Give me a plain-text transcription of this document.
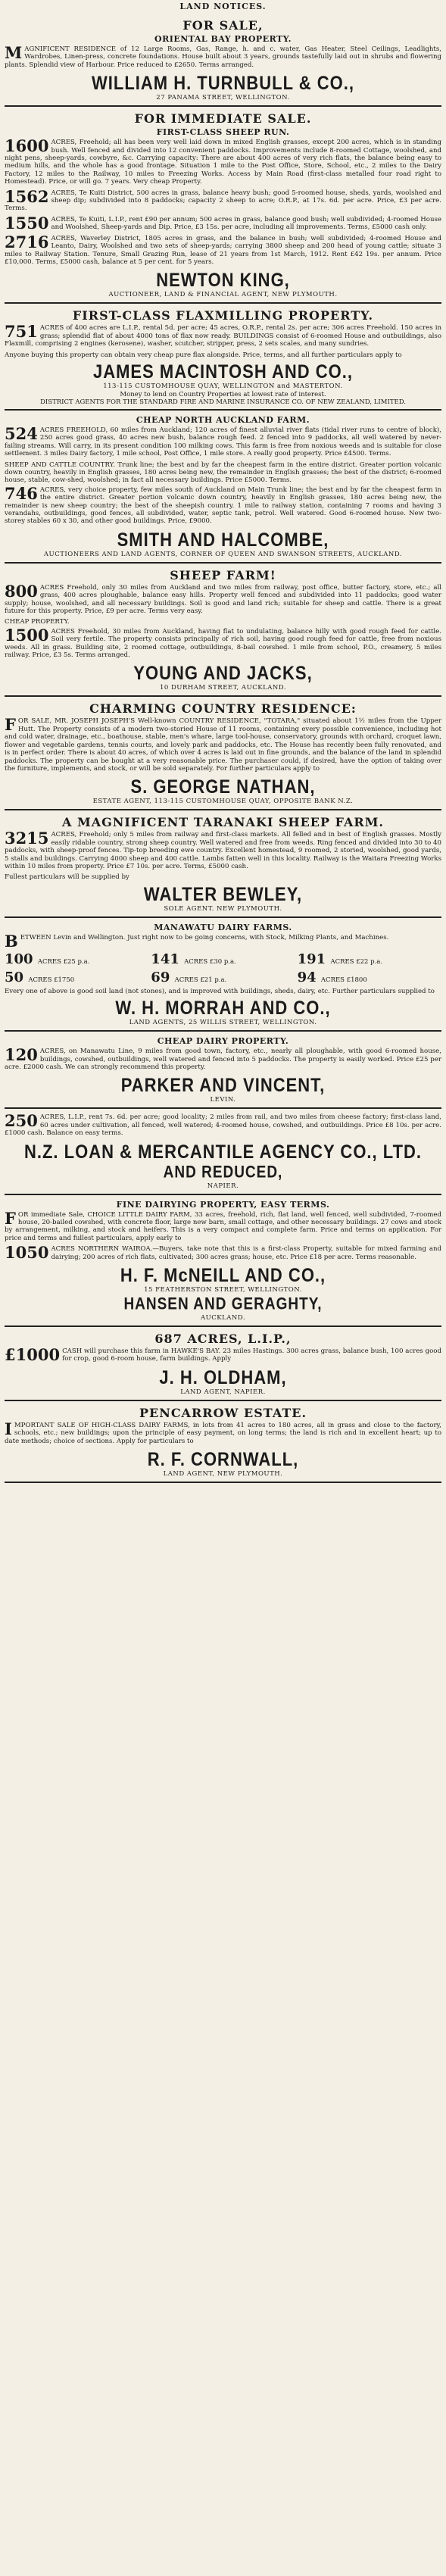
LAND NOTICES.
FOR SALE,
ORIENTAL BAY PROPERTY.
MAGNIFICENT RESIDENCE of 12 Large Rooms, Gas, Range, h. and c. water, Gas Heater, Steel Ceilings, Leadlights, Wardrobes, Linen-press, concrete foundations. House built about 3 years, grounds tastefully laid out in shrubs and flowering plants. Splendid view of Harbour. Price reduced to £2650. Terms arranged.
WILLIAM H. TURNBULL & CO.,
27 PANAMA STREET, WELLINGTON.
FOR IMMEDIATE SALE.
FIRST-CLASS SHEEP RUN.
1600 ACRES, Freehold; all has been very well laid down in mixed English grasses, except 200 acres, which is in standing bush. Well fenced and divided into 12 convenient paddocks. Improvements include 8-roomed Cottage, woolshed, and night pens, sheep-yards, cowbyre, &c. Carrying capacity: There are about 400 acres of very rich flats, the balance being easy to medium hills, and the whole has a good frontage. Situation 1 mile to the Post Office, Store, School, etc., 2 miles to the Dairy Factory, 12 miles to the Railway, 10 miles to Freezing Works. Access by Main Road (first-class metalled four road right to Homestead). Price, or will go. 7 years. Very cheap Property.
1562 ACRES, Te Kuiti District, 500 acres in grass, balance heavy bush; good 5-roomed house, sheds, yards, woolshed and sheep dip; subdivided into 8 paddocks; capacity 2 sheep to acre; O.R.P., at 17s. 6d. per acre. Price, £3 per acre. Terms.
1550 ACRES, Te Kuiti, L.I.P., rent £90 per annum; 500 acres in grass, balance good bush; well subdivided; 4-roomed House and Woolshed, Sheep-yards and Dip. Price, £3 15s. per acre, including all improvements. Terms, £5000 cash only.
2716 ACRES, Waverley District, 1805 acres in grass, and the balance in bush; well subdivided; 4-roomed House and Leanto, Dairy, Woolshed and two sets of sheep-yards; carrying 3800 sheep and 200 head of young cattle; situate 3 miles to Railway Station. Tenure, Small Grazing Run, lease of 21 years from 1st March, 1912. Rent £42 19s. per annum. Price £10,000. Terms, £5000 cash, balance at 5 per cent. for 5 years.
NEWTON KING,
AUCTIONEER, LAND & FINANCIAL AGENT, NEW PLYMOUTH.
FIRST-CLASS FLAXMILLING PROPERTY.
751 ACRES of 400 acres are L.I.P., rental 5d. per acre; 45 acres, O.R.P., rental 2s. per acre; 306 acres Freehold. 150 acres in grass; splendid flat of about 4000 tons of flax now ready. BUILDINGS consist of 6-roomed House and outbuildings, also Flaxmill, comprising 2 engines (kerosene), washer, scutcher, stripper, press, 2 sets scales, and many sundries.
Anyone buying this property can obtain very cheap pure flax alongside. Price, terms, and all further particulars apply to
JAMES MACINTOSH AND CO.,
113-115 CUSTOMHOUSE QUAY, WELLINGTON and MASTERTON.
Money to lend on Country Properties at lowest rate of interest.
DISTRICT AGENTS FOR THE STANDARD FIRE AND MARINE INSURANCE CO. OF NEW ZEALAND, LIMITED.
CHEAP NORTH AUCKLAND FARM.
524 ACRES FREEHOLD, 60 miles from Auckland; 120 acres of finest alluvial river flats (tidal river runs to centre of block), 250 acres good grass, 40 acres new bush, balance rough feed. 2 fenced into 9 paddocks, all well watered by never-failing streams. Will carry, in its present condition 100 milking cows. This farm is free from noxious weeds and is suitable for close settlement. 3 miles Dairy factory, 1 mile school, Post Office, 1 mile store. A really good property. Price £4500. Terms.
SHEEP AND CATTLE COUNTRY. Trunk line; the best and by far the cheapest farm in the entire district. Greater portion volcanic down country, heavily in English grasses, 180 acres being new, the remainder in English grasses; the best of the district; 6-roomed house, stable, cow-shed, woolshed; in fact all necessary buildings. Price £5000. Terms.
746 ACRES, very choice property, few miles south of Auckland on Main Trunk line; the best and by far the cheapest farm in the entire district. Greater portion volcanic down country, heavily in English grasses, 180 acres being new, the remainder is new sheep country; the best of the sheepish country. 1 mile to railway station, containing 7 rooms and having 3 verandahs, outbuildings, good fences, all subdivided, water, septic tank, petrol. Well watered. Good 6-roomed house. New two-storey stables 60 x 30, and other good buildings. Price, £9000.
SMITH AND HALCOMBE,
AUCTIONEERS AND LAND AGENTS, CORNER OF QUEEN AND SWANSON STREETS, AUCKLAND.
SHEEP FARM!
800 ACRES Freehold, only 30 miles from Auckland and two miles from railway, post office, butter factory, store, etc.; all grass, 400 acres ploughable, balance easy hills. Property well fenced and subdivided into 11 paddocks; good water supply; house, woolshed, and all necessary buildings. Soil is good and land rich; suitable for sheep and cattle. There is a great future for this property. Price, £9 per acre. Terms very easy.
CHEAP PROPERTY.
1500 ACRES Freehold, 30 miles from Auckland, having flat to undulating, balance hilly with good rough feed for cattle. Soil very fertile. The property consists principally of rich soil, having good rough feed for cattle, free from noxious weeds. All in grass. Building site, 2 roomed cottage, outbuildings, 8-bail cowshed. 1 mile from school, P.O., creamery, 5 miles railway. Price, £3 5s. Terms arranged.
YOUNG AND JACKS,
10 DURHAM STREET, AUCKLAND.
CHARMING COUNTRY RESIDENCE:
FOR SALE, MR. JOSEPH JOSEPH'S Well-known COUNTRY RESIDENCE, "TOTARA," situated about 1½ miles from the Upper Hutt. The Property consists of a modern two-storied House of 11 rooms, containing every possible convenience, including hot and cold water, drainage, etc., boathouse, stable, men's whare, large tool-house, conservatory, grounds with orchard, croquet lawn, flower and vegetable gardens, tennis courts, and lovely park and paddocks, etc. The House has recently been fully renovated, and is in perfect order. There is about 40 acres, of which over 4 acres is laid out in fine grounds, and the balance of the land in splendid paddocks. The property can be bought at a very reasonable price. The purchaser could, if desired, have the option of taking over the furniture, implements, and stock, or will be sold separately. For further particulars apply to
S. GEORGE NATHAN,
ESTATE AGENT, 113-115 CUSTOMHOUSE QUAY, OPPOSITE BANK N.Z.
A MAGNIFICENT TARANAKI SHEEP FARM.
3215 ACRES, Freehold; only 5 miles from railway and first-class markets. All felled and in best of English grasses. Mostly easily ridable country, strong sheep country. Well watered and free from weeds. Ring fenced and divided into 30 to 40 paddocks, with sheep-proof fences. Tip-top breeding ewe country. Excellent homestead, 9 roomed, 2 storied, woolshed, good yards, 5 stalls and buildings. Carrying 4000 sheep and 400 cattle. Lambs fatten well in this locality. Railway is the Waitara Freezing Works within 10 miles from property. Price £7 10s. per acre. Terms, £5000 cash.
Fullest particulars will be supplied by
WALTER BEWLEY,
SOLE AGENT. NEW PLYMOUTH.
MANAWATU DAIRY FARMS.
BETWEEN Levin and Wellington. Just right now to be going concerns, with Stock, Milking Plants, and Machines.
100 ACRES £25 p.a.	141 ACRES £30 p.a.	191 ACRES £22 p.a.
50 ACRES £1750	69 ACRES £21 p.a.	94 ACRES £1800
Every one of above is good soil land (not stones), and is improved with buildings, sheds, dairy, etc. Further particulars supplied to
W. H. MORRAH AND CO.,
LAND AGENTS, 25 WILLIS STREET, WELLINGTON.
CHEAP DAIRY PROPERTY.
120 ACRES, on Manawatu Line, 9 miles from good town, factory, etc., nearly all ploughable, with good 6-roomed house, buildings, cowshed, outbuildings, well watered and fenced into 5 paddocks. The property is easily worked. Price £25 per acre. £2000 cash. We can strongly recommend this property.
PARKER AND VINCENT,
LEVIN.
250 ACRES, L.I.P., rent 7s. 6d. per acre; good locality; 2 miles from rail, and two miles from cheese factory; first-class land, 60 acres under cultivation, all fenced, well watered; 4-roomed house, cowshed, and outbuildings. Price £8 10s. per acre. £1000 cash. Balance on easy terms.
N.Z. LOAN & MERCANTILE AGENCY CO., LTD.
AND REDUCED,
NAPIER.
FINE DAIRYING PROPERTY, EASY TERMS.
FOR immediate Sale, CHOICE LITTLE DAIRY FARM, 33 acres, freehold, rich, flat land, well fenced, well subdivided, 7-roomed house, 20-bailed cowshed, with concrete floor, large new barn, small cottage, and other necessary buildings. 27 cows and stock by arrangement, milking, and stock and heifers. This is a very compact and complete farm. Price and terms on application. For price and terms and fullest particulars, apply early to
1050 ACRES NORTHERN WAIROA.—Buyers, take note that this is a first-class Property, suitable for mixed farming and dairying; 200 acres of rich flats, cultivated; 300 acres grass; house, etc. Price £18 per acre. Terms reasonable.
H. F. McNEILL AND CO.,
15 FEATHERSTON STREET, WELLINGTON.
HANSEN AND GERAGHTY,
AUCKLAND.
687 ACRES, L.I.P.,
£1000 CASH will purchase this farm in HAWKE'S BAY. 23 miles Hastings. 300 acres grass, balance bush, 100 acres good for crop, good 6-room house, farm buildings. Apply
J. H. OLDHAM,
LAND AGENT, NAPIER.
PENCARROW ESTATE.
IMPORTANT SALE OF HIGH-CLASS DAIRY FARMS, in lots from 41 acres to 180 acres, all in grass and close to the factory, schools, etc.; new buildings; upon the principle of easy payment, on long terms; the land is rich and in excellent heart; up to date methods; choice of sections. Apply for particulars to
R. F. CORNWALL,
LAND AGENT, NEW PLYMOUTH.
